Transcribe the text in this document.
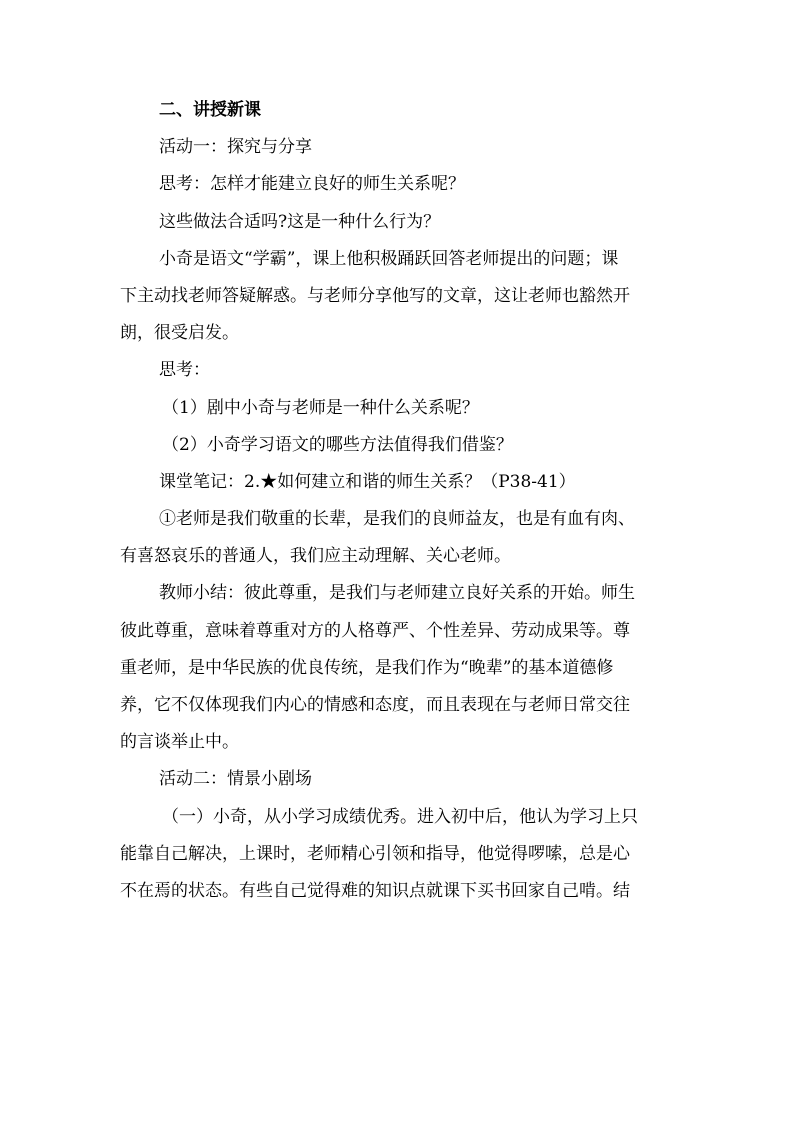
二、讲授新课
活动一：探究与分享
思考：怎样才能建立良好的师生关系呢？
这些做法合适吗?这是一种什么行为？
小奇是语文“学霸”，课上他积极踊跃回答老师提出的问题；课
下主动找老师答疑解惑。与老师分享他写的文章，这让老师也豁然开
朗，很受启发。
思考：
（1）剧中小奇与老师是一种什么关系呢？
（2）小奇学习语文的哪些方法值得我们借鉴？
课堂笔记：2.★如何建立和谐的师生关系？（P38-41）
①老师是我们敬重的长辈，是我们的良师益友，也是有血有肉、
有喜怒哀乐的普通人，我们应主动理解、关心老师。
教师小结：彼此尊重，是我们与老师建立良好关系的开始。师生
彼此尊重，意味着尊重对方的人格尊严、个性差异、劳动成果等。尊
重老师，是中华民族的优良传统，是我们作为“晚辈”的基本道德修
养，它不仅体现我们内心的情感和态度，而且表现在与老师日常交往
的言谈举止中。
活动二：情景小剧场
（一）小奇，从小学习成绩优秀。进入初中后，他认为学习上只
能靠自己解决，上课时，老师精心引领和指导，他觉得啰嗦，总是心
不在焉的状态。有些自己觉得难的知识点就课下买书回家自己啃。结
